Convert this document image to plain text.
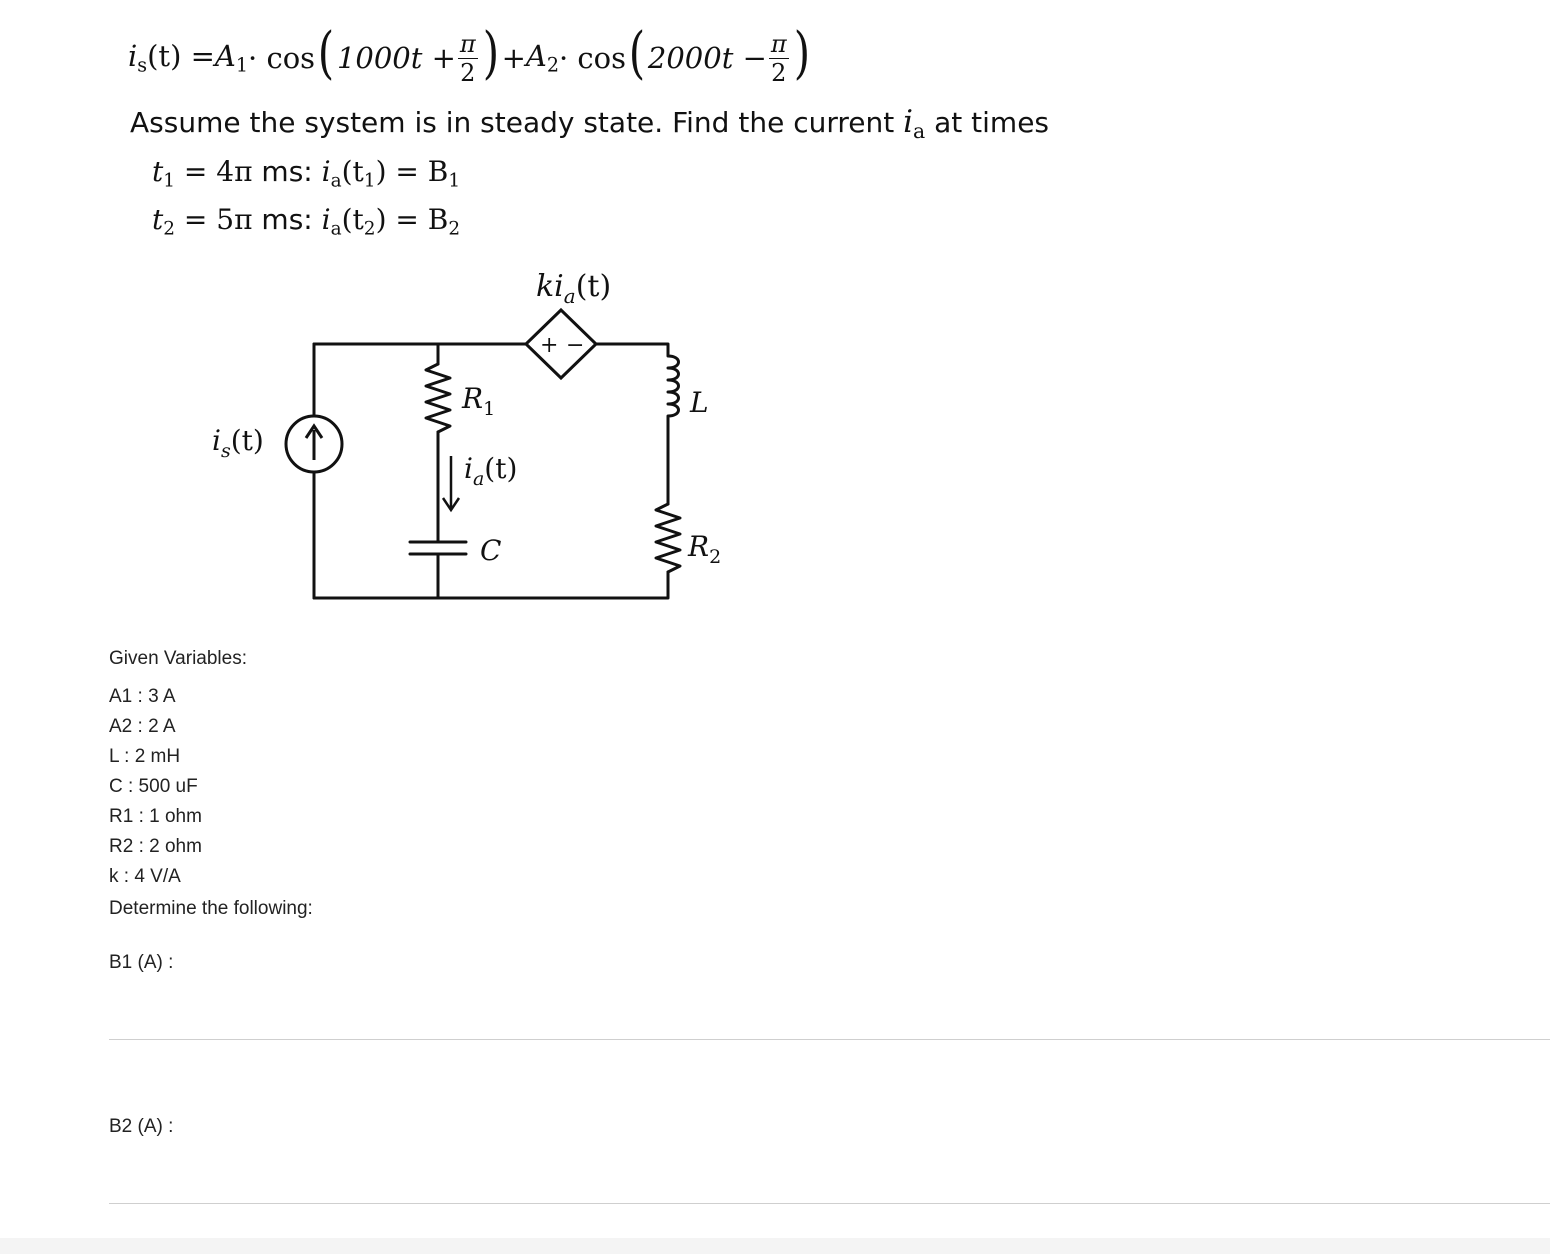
$i_s(t) = A_1 \cdot \cos$ ( $1000t + \frac{\pi}{2}$ ) + $A_2 \cdot \cos$ ( $2000t - \frac{\pi}{2}$ )
Assume the system is in steady state. Find the current $i_a$ at times
$t_1 = 4\pi$ ms: $i_a(t_1) = B_1$
$t_2 = 5\pi$ ms: $i_a(t_2) = B_2$
$ki_a(t)$
+ −
$i_s(t)$
$R_1$
$i_a(t)$
C
L
$R_2$
Given Variables:
A1 : 3 A
A2 : 2 A
L : 2 mH
C : 500 uF
R1 : 1 ohm
R2 : 2 ohm
k : 4 V/A
Determine the following:
B1 (A) :
B2 (A) :
